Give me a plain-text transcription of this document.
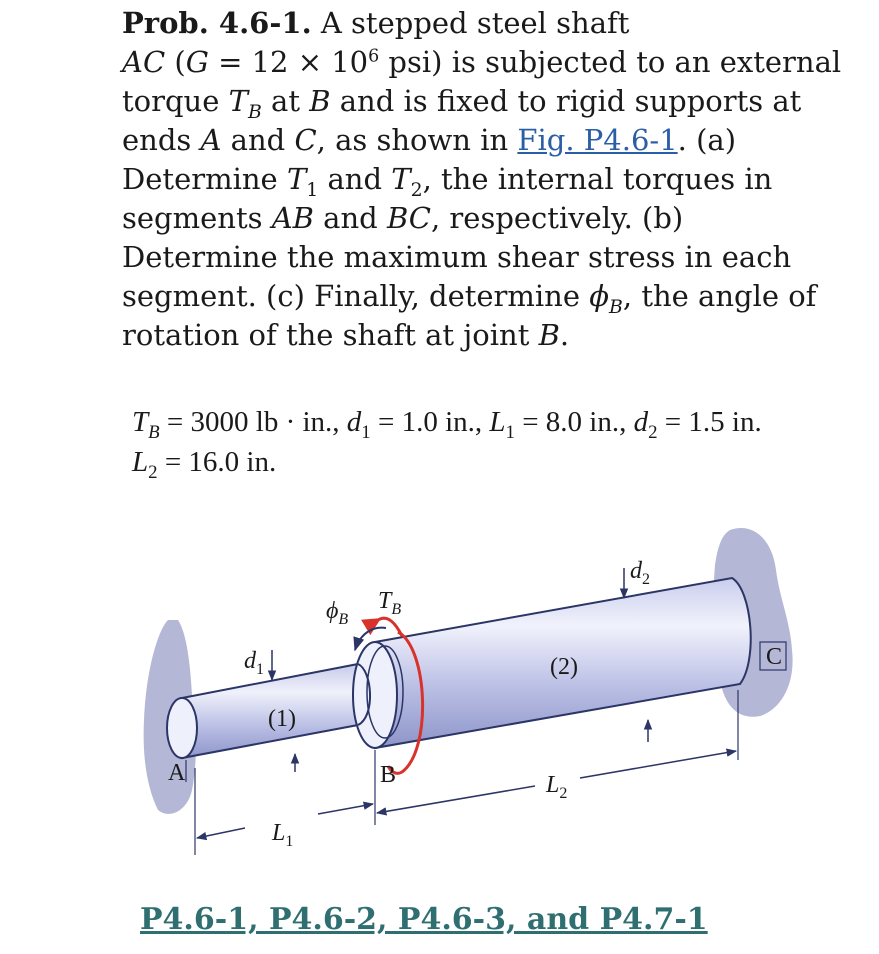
Prob. 4.6-1. A stepped steel shaft
AC ($G = 12 \times 10^6$ psi) is subjected to an external torque $T_B$ at B and is fixed to rigid supports at ends A and C, as shown in Fig. P4.6-1. (a) Determine $T_1$ and $T_2$, the internal torques in segments AB and BC, respectively. (b) Determine the maximum shear stress in each segment. (c) Finally, determine $\phi_B$, the angle of rotation of the shaft at joint B.
$T_B = 3000$ lb · in., $d_1 = 1.0$ in., $L_1 = 8.0$ in., $d_2 = 1.5$ in.
$L_2 = 16.0$ in.
A	B
C
(1)
(2)
$d_1$
$d_2$
$L_1$
$L_2$
$\phi_B$
$T_B$
P4.6-1, P4.6-2, P4.6-3, and P4.7-1
